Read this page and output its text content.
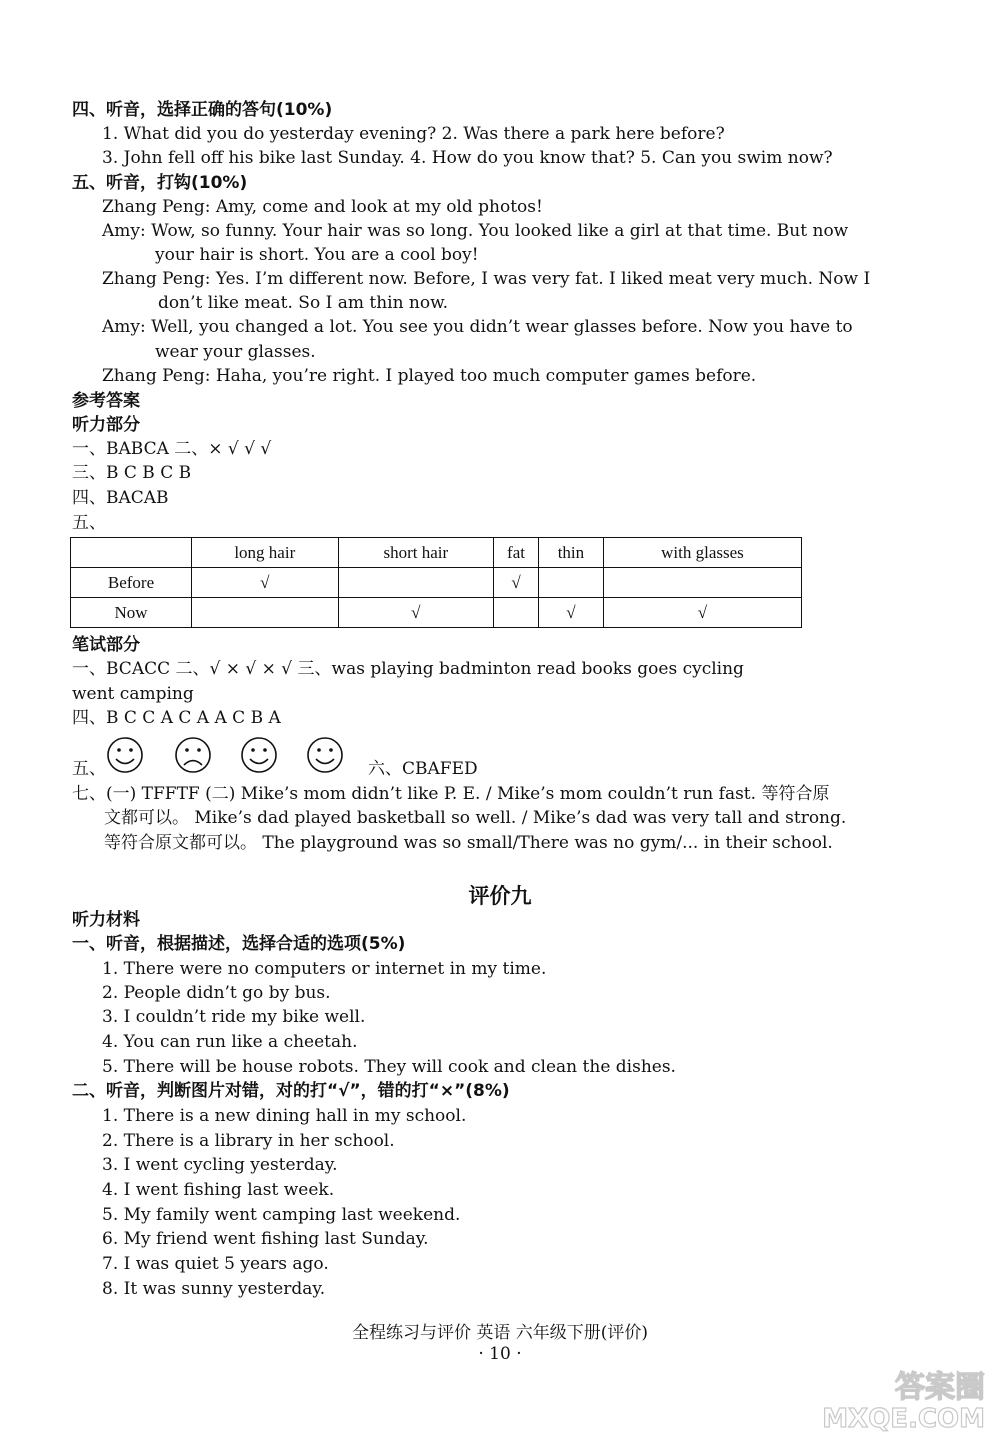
四、听音，选择正确的答句(10%)
1. What did you do yesterday evening? 2. Was there a park here before?
3. John fell off his bike last Sunday. 4. How do you know that? 5. Can you swim now?
五、听音，打钩(10%)
Zhang Peng: Amy, come and look at my old photos!
Amy: Wow, so funny. Your hair was so long. You looked like a girl at that time. But now
your hair is short. You are a cool boy!
Zhang Peng: Yes. I’m different now. Before, I was very fat. I liked meat very much. Now I
don’t like meat. So I am thin now.
Amy: Well, you changed a lot. You see you didn’t wear glasses before. Now you have to
wear your glasses.
Zhang Peng: Haha, you’re right. I played too much computer games before.
参考答案
听力部分
一、BABCA 二、× √ √ √
三、B C B C B
四、BACAB
五、
	long hair	short hair	fat	thin	with glasses
Before	√		√		
Now		√		√	√
笔试部分
一、BCACC 二、√ × √ × √ 三、was playing badminton read books goes cycling
went camping
四、B C C A C A A C B A
五、	六、CBAFED
七、(一) TFFTF (二) Mike’s mom didn’t like P. E. / Mike’s mom couldn’t run fast. 等符合原
文都可以。 Mike’s dad played basketball so well. / Mike’s dad was very tall and strong.
等符合原文都可以。 The playground was so small/There was no gym/... in their school.
评价九
听力材料
一、听音，根据描述，选择合适的选项(5%)
1. There were no computers or internet in my time.
2. People didn’t go by bus.
3. I couldn’t ride my bike well.
4. You can run like a cheetah.
5. There will be house robots. They will cook and clean the dishes.
二、听音，判断图片对错，对的打“√”，错的打“×”(8%)
1. There is a new dining hall in my school.
2. There is a library in her school.
3. I went cycling yesterday.
4. I went fishing last week.
5. My family went camping last weekend.
6. My friend went fishing last Sunday.
7. I was quiet 5 years ago.
8. It was sunny yesterday.
全程练习与评价 英语 六年级下册(评价)
· 10 ·
答案圈
MXQE.COM
